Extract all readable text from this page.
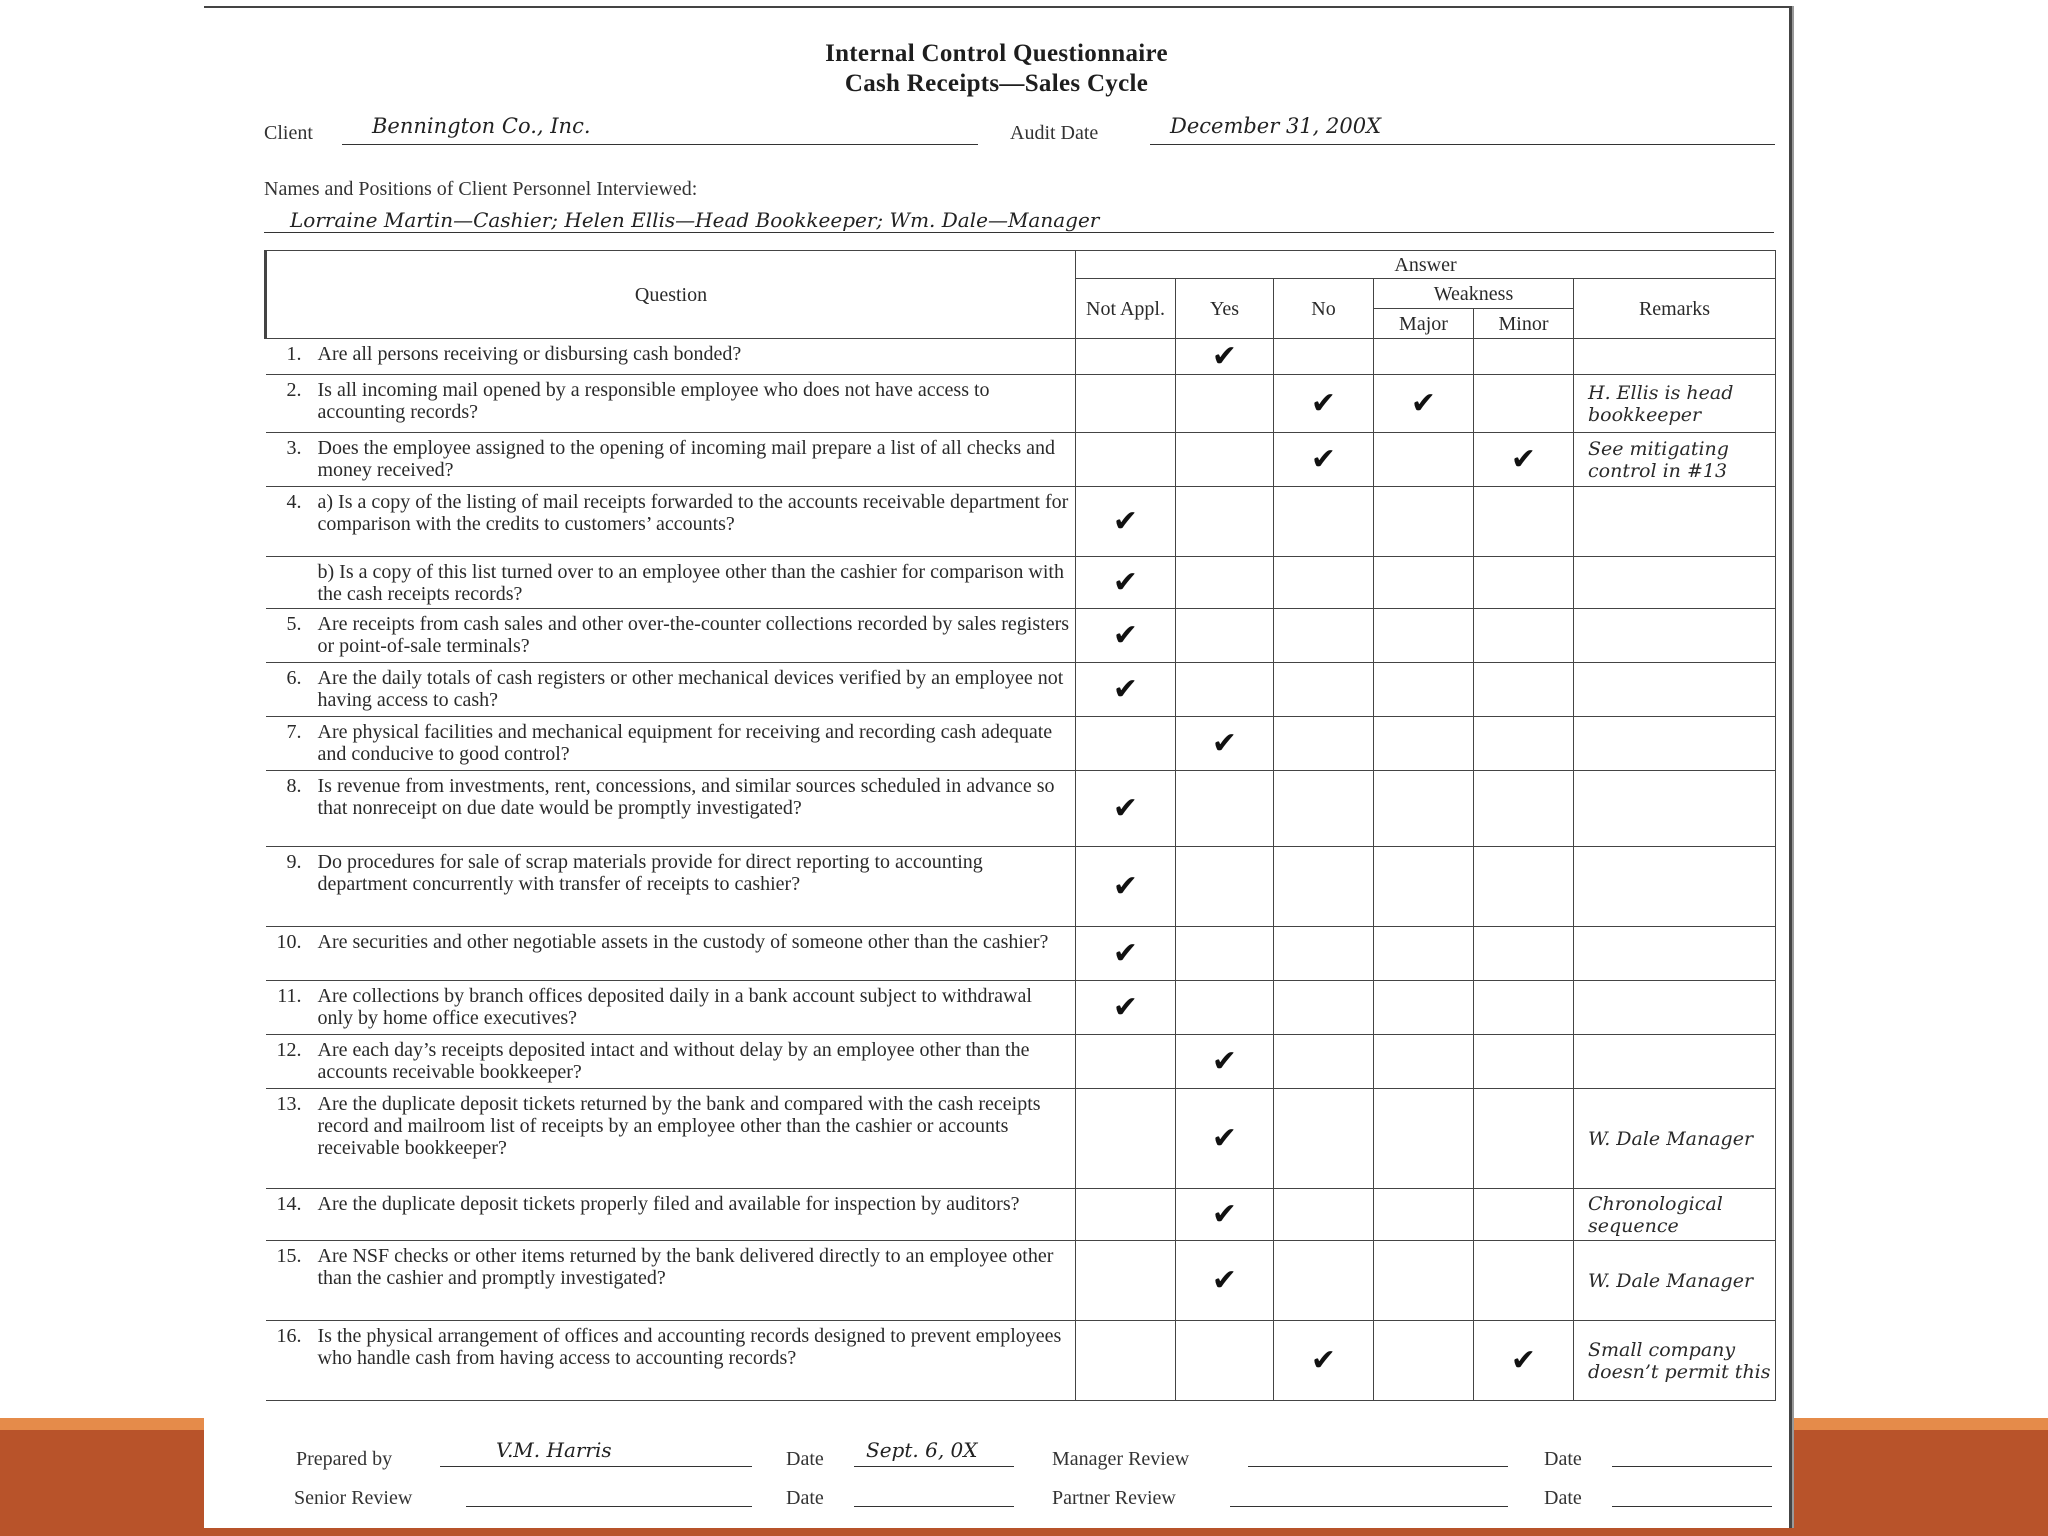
Internal Control Questionnaire
Cash Receipts—Sales Cycle
Client	Bennington Co., Inc.	Audit Date	December 31, 200X
Names and Positions of Client Personnel Interviewed:
Lorraine Martin—Cashier; Helen Ellis—Head Bookkeeper; Wm. Dale—Manager
Question	Answer					
	Not Appl.	Yes	No	Weakness		Remarks
				Major	Minor	

1. Are all persons receiving or disbursing cash bonded?		✔				

2. Is all incoming mail opened by a responsible employee who does not have access to accounting records?			✔	✔		H. Ellis is head bookkeeper

3. Does the employee assigned to the opening of incoming mail prepare a list of all checks and money received?			✔		✔	See mitigating control in #13

4. a) Is a copy of the listing of mail receipts forwarded to the accounts receivable department for comparison with the credits to customers’ accounts?	✔					

b) Is a copy of this list turned over to an employee other than the cashier for comparison with the cash receipts records?	✔					

5. Are receipts from cash sales and other over-the-counter collections recorded by sales registers or point-of-sale terminals?	✔					

6. Are the daily totals of cash registers or other mechanical devices verified by an employee not having access to cash?	✔					

7. Are physical facilities and mechanical equipment for receiving and recording cash adequate and conducive to good control?		✔				

8. Is revenue from investments, rent, concessions, and similar sources scheduled in advance so that nonreceipt on due date would be promptly investigated?	✔					

9. Do procedures for sale of scrap materials provide for direct reporting to accounting department concurrently with transfer of receipts to cashier?	✔					

10. Are securities and other negotiable assets in the custody of someone other than the cashier?	✔					

11. Are collections by branch offices deposited daily in a bank account subject to withdrawal only by home office executives?	✔					

12. Are each day’s receipts deposited intact and without delay by an employee other than the accounts receivable bookkeeper?		✔				

13. Are the duplicate deposit tickets returned by the bank and compared with the cash receipts record and mailroom list of receipts by an employee other than the cashier or accounts receivable bookkeeper?		✔				W. Dale Manager

14. Are the duplicate deposit tickets properly filed and available for inspection by auditors?		✔				Chronological sequence

15. Are NSF checks or other items returned by the bank delivered directly to an employee other than the cashier and promptly investigated?		✔				W. Dale Manager

16. Is the physical arrangement of offices and accounting records designed to prevent employees who handle cash from having access to accounting records?			✔		✔	Small company doesn’t permit this
Prepared by	V.M. Harris	Date Sept. 6, 0X	Manager Review	Date
Senior Review	Date	Partner Review	Date
